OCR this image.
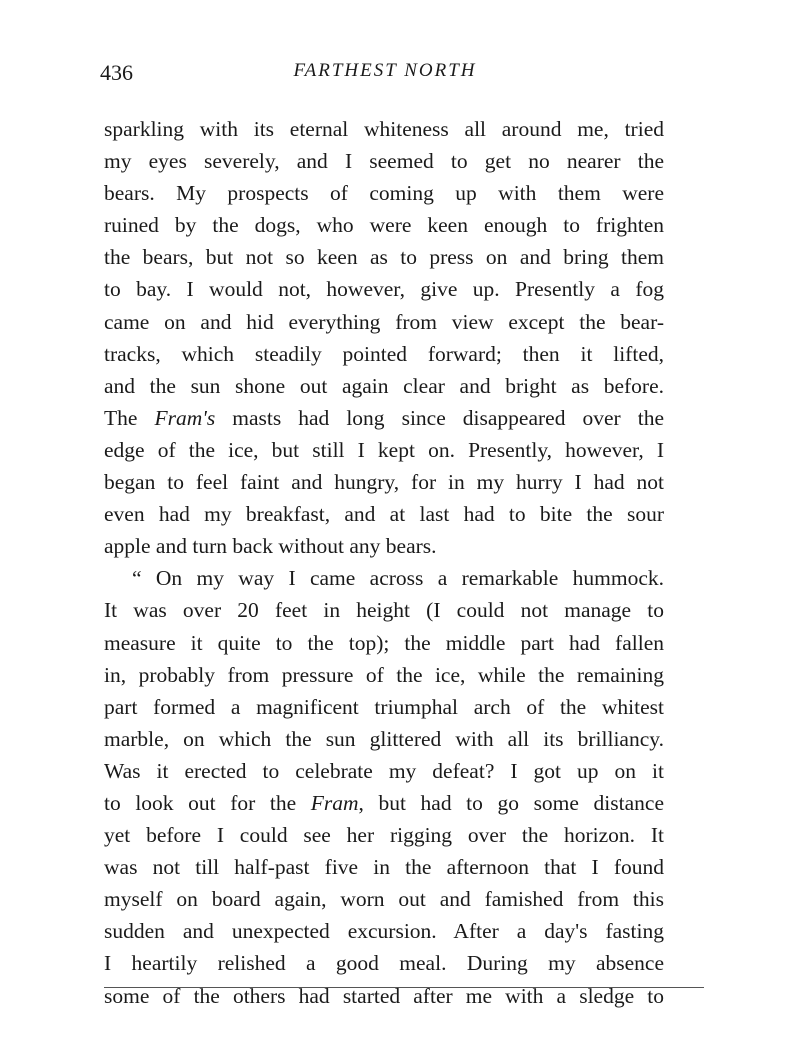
436	FARTHEST NORTH
sparkling with its eternal whiteness all around me, tried
my eyes severely, and I seemed to get no nearer the
bears. My prospects of coming up with them were
ruined by the dogs, who were keen enough to frighten
the bears, but not so keen as to press on and bring them
to bay. I would not, however, give up. Presently a fog
came on and hid everything from view except the bear-
tracks, which steadily pointed forward; then it lifted,
and the sun shone out again clear and bright as before.
The Fram's masts had long since disappeared over the
edge of the ice, but still I kept on. Presently, however, I
began to feel faint and hungry, for in my hurry I had not
even had my breakfast, and at last had to bite the sour
apple and turn back without any bears.
“ On my way I came across a remarkable hummock.
It was over 20 feet in height (I could not manage to
measure it quite to the top); the middle part had fallen
in, probably from pressure of the ice, while the remaining
part formed a magnificent triumphal arch of the whitest
marble, on which the sun glittered with all its brilliancy.
Was it erected to celebrate my defeat? I got up on it
to look out for the Fram, but had to go some distance
yet before I could see her rigging over the horizon. It
was not till half-past five in the afternoon that I found
myself on board again, worn out and famished from this
sudden and unexpected excursion. After a day's fasting
I heartily relished a good meal. During my absence
some of the others had started after me with a sledge to
